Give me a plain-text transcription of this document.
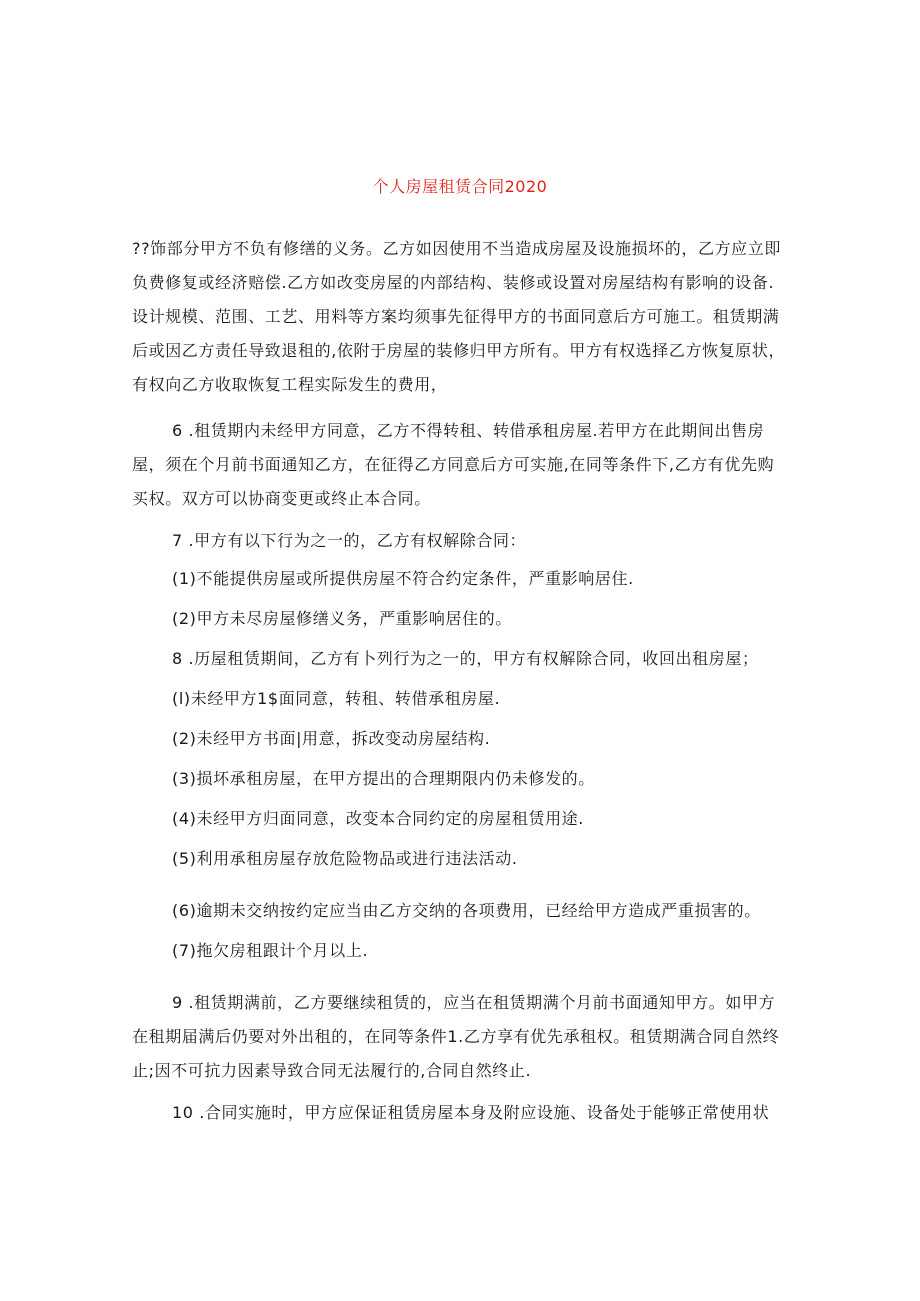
个人房屋租赁合同2020
??饰部分甲方不负有修缮的义务。乙方如因使用不当造成房屋及设施损坏的，乙方应立即
负费修复或经济赔偿.乙方如改变房屋的内部结构、装修或设置对房屋结构有影响的设备.
设计规模、范围、工艺、用料等方案均须事先征得甲方的书面同意后方可施工。租赁期满
后或因乙方责任导致退租的,依附于房屋的装修归甲方所有。甲方有权选择乙方恢复原状，
有权向乙方收取恢复工程实际发生的费用，
6 .租赁期内未经甲方同意，乙方不得转租、转借承租房屋.若甲方在此期间出售房
屋，须在个月前书面通知乙方，在征得乙方同意后方可实施,在同等条件下,乙方有优先购
买权。双方可以协商变更或终止本合同。
7 .甲方有以下行为之一的，乙方有权解除合同：
(1)不能提供房屋或所提供房屋不符合约定条件，严重影响居住.
(2)甲方未尽房屋修缮义务，严重影响居住的。
8 .历屋租赁期间，乙方有卜列行为之一的，甲方有权解除合同，收回出租房屋；
(l)未经甲方1$面同意，转租、转借承租房屋.
(2)未经甲方书面|用意，拆改变动房屋结构.
(3)损坏承租房屋，在甲方提出的合理期限内仍未修发的。
(4)未经甲方归面同意，改变本合同约定的房屋租赁用途.
(5)利用承租房屋存放危险物品或进行违法活动.
(6)逾期未交纳按约定应当由乙方交纳的各项费用，已经给甲方造成严重损害的。
(7)拖欠房租跟计个月以上.
9 .租赁期满前，乙方要继续租赁的，应当在租赁期满个月前书面通知甲方。如甲方
在租期届满后仍要对外出租的，在同等条件1.乙方享有优先承租权。租赁期满合同自然终
止;因不可抗力因素导致合同无法履行的,合同自然终止.
10 .合同实施时，甲方应保证租赁房屋本身及附应设施、设备处于能够正常使用状
